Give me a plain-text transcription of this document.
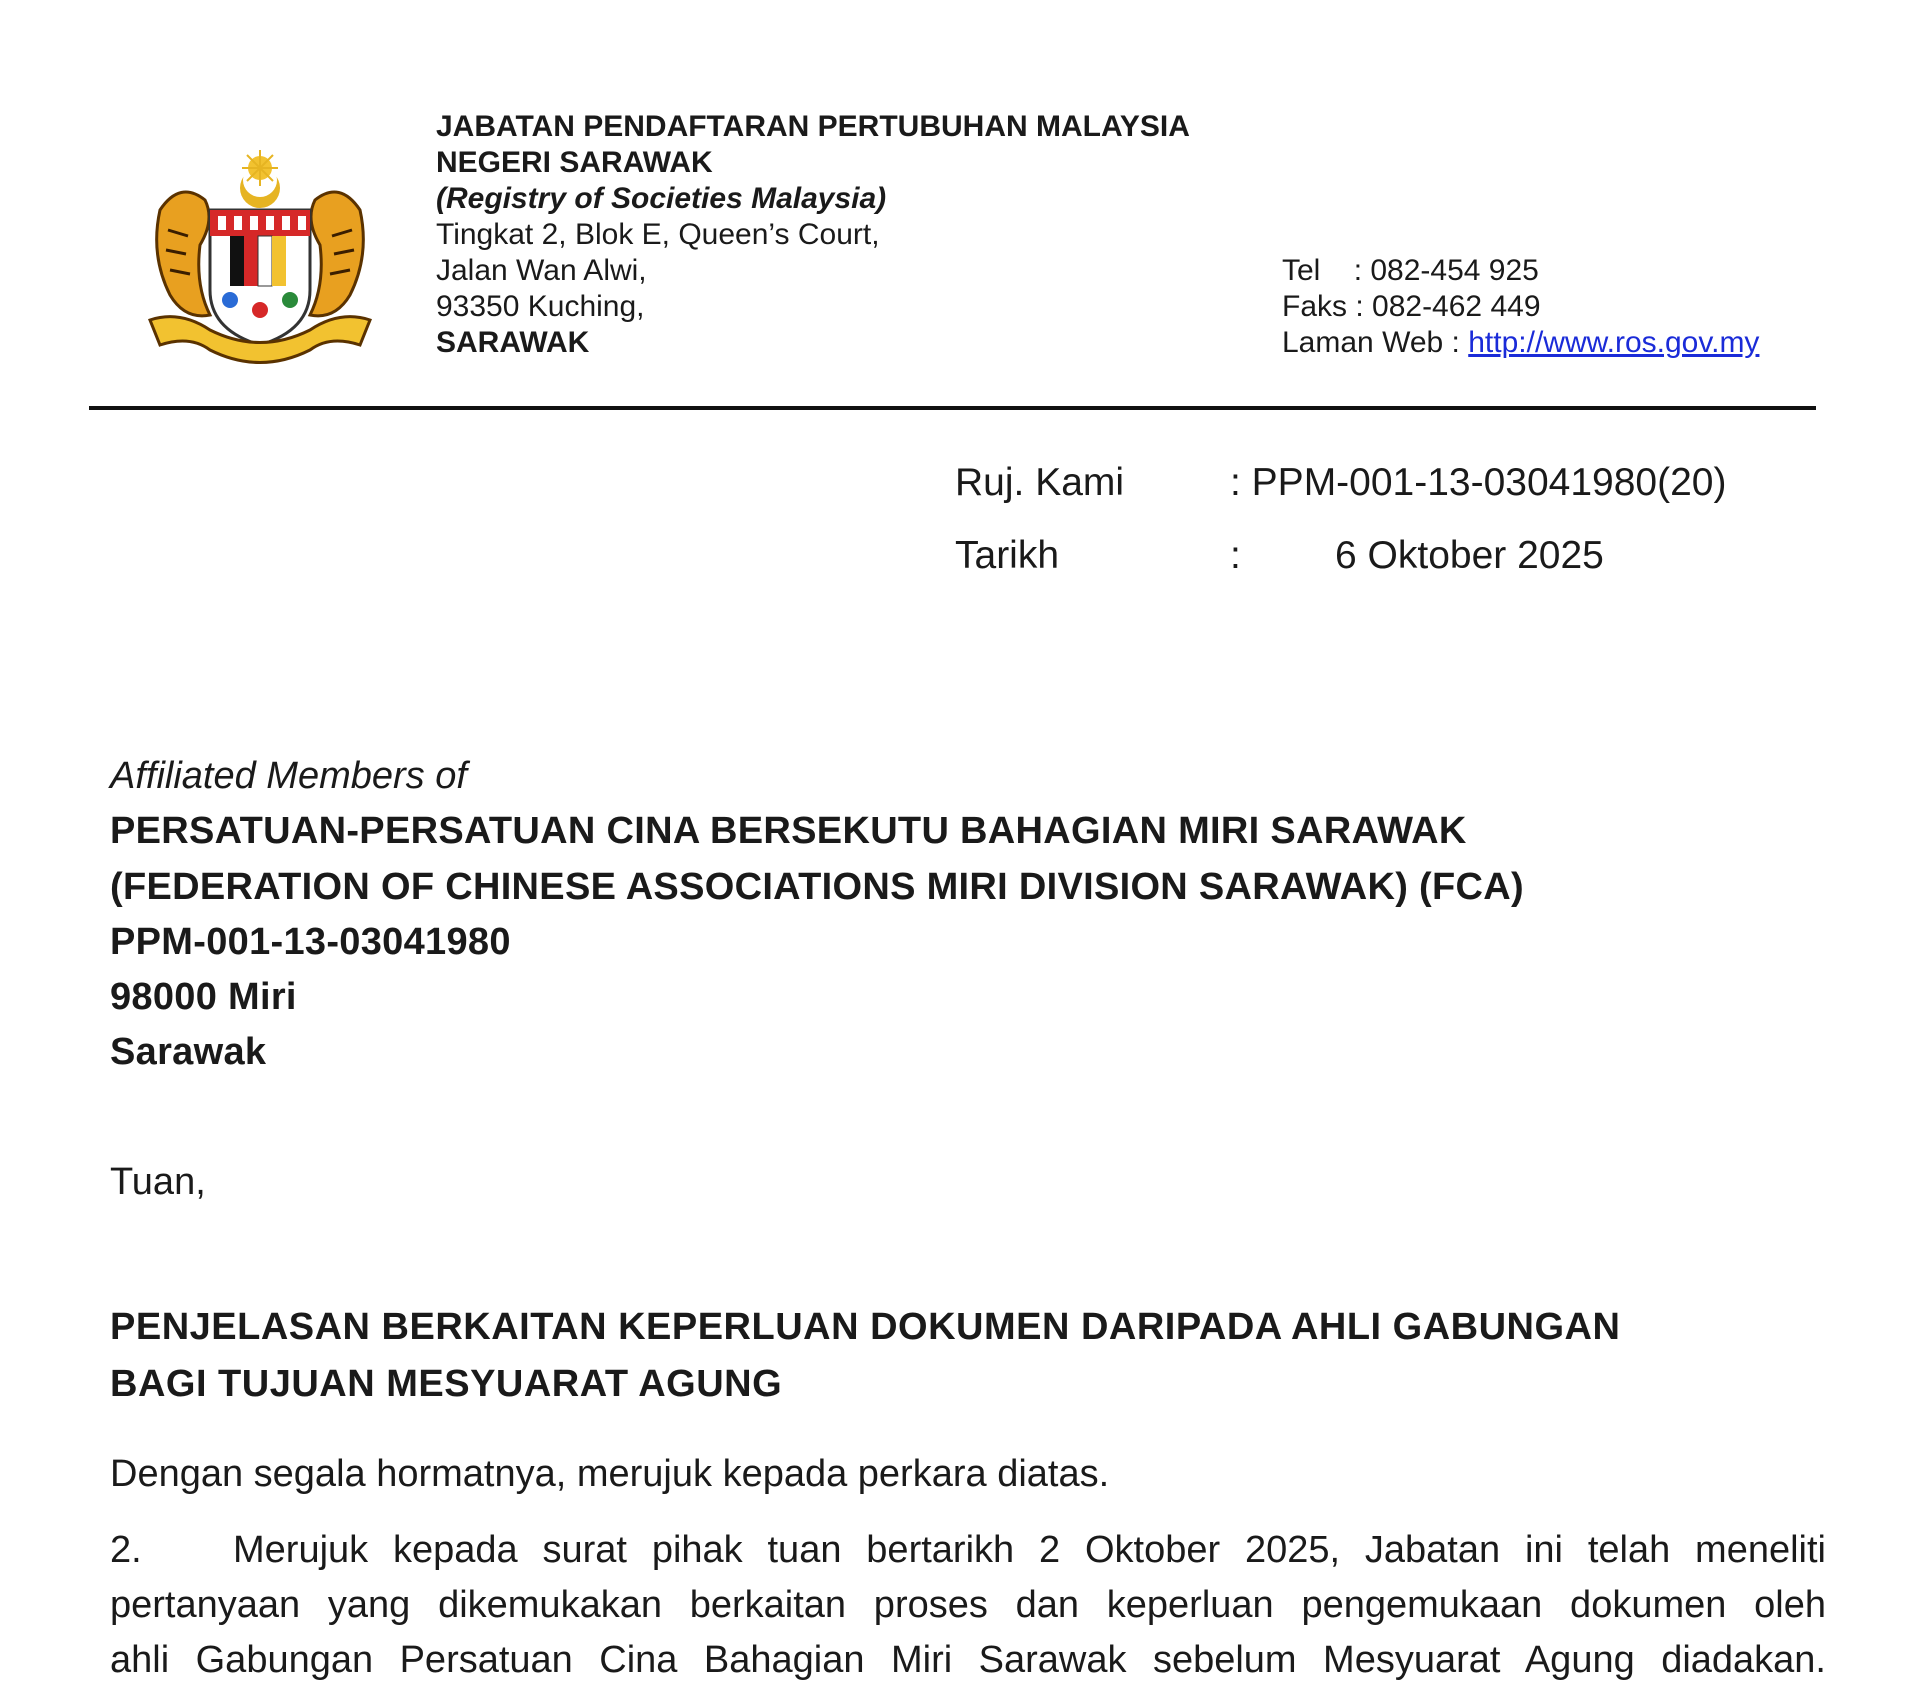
JABATAN PENDAFTARAN PERTUBUHAN MALAYSIA
NEGERI SARAWAK
(Registry of Societies Malaysia)
Tingkat 2, Blok E, Queen’s Court,
Jalan Wan Alwi,
93350 Kuching,
SARAWAK
Tel    : 082-454 925
Faks : 082-462 449
Laman Web : http://www.ros.gov.my
Ruj. Kami	: PPM-001-13-03041980(20)
Tarikh	: 6 Oktober 2025
Affiliated Members of
PERSATUAN-PERSATUAN CINA BERSEKUTU BAHAGIAN MIRI SARAWAK
(FEDERATION OF CHINESE ASSOCIATIONS MIRI DIVISION SARAWAK) (FCA)
PPM-001-13-03041980
98000 Miri
Sarawak
Tuan,
PENJELASAN BERKAITAN KEPERLUAN DOKUMEN DARIPADA AHLI GABUNGAN
BAGI TUJUAN MESYUARAT AGUNG
Dengan segala hormatnya, merujuk kepada perkara diatas.
2.	Merujuk kepada surat pihak tuan bertarikh 2 Oktober 2025, Jabatan ini telah meneliti
pertanyaan yang dikemukakan berkaitan proses dan keperluan pengemukaan dokumen oleh
ahli Gabungan Persatuan Cina Bahagian Miri Sarawak sebelum Mesyuarat Agung diadakan.
